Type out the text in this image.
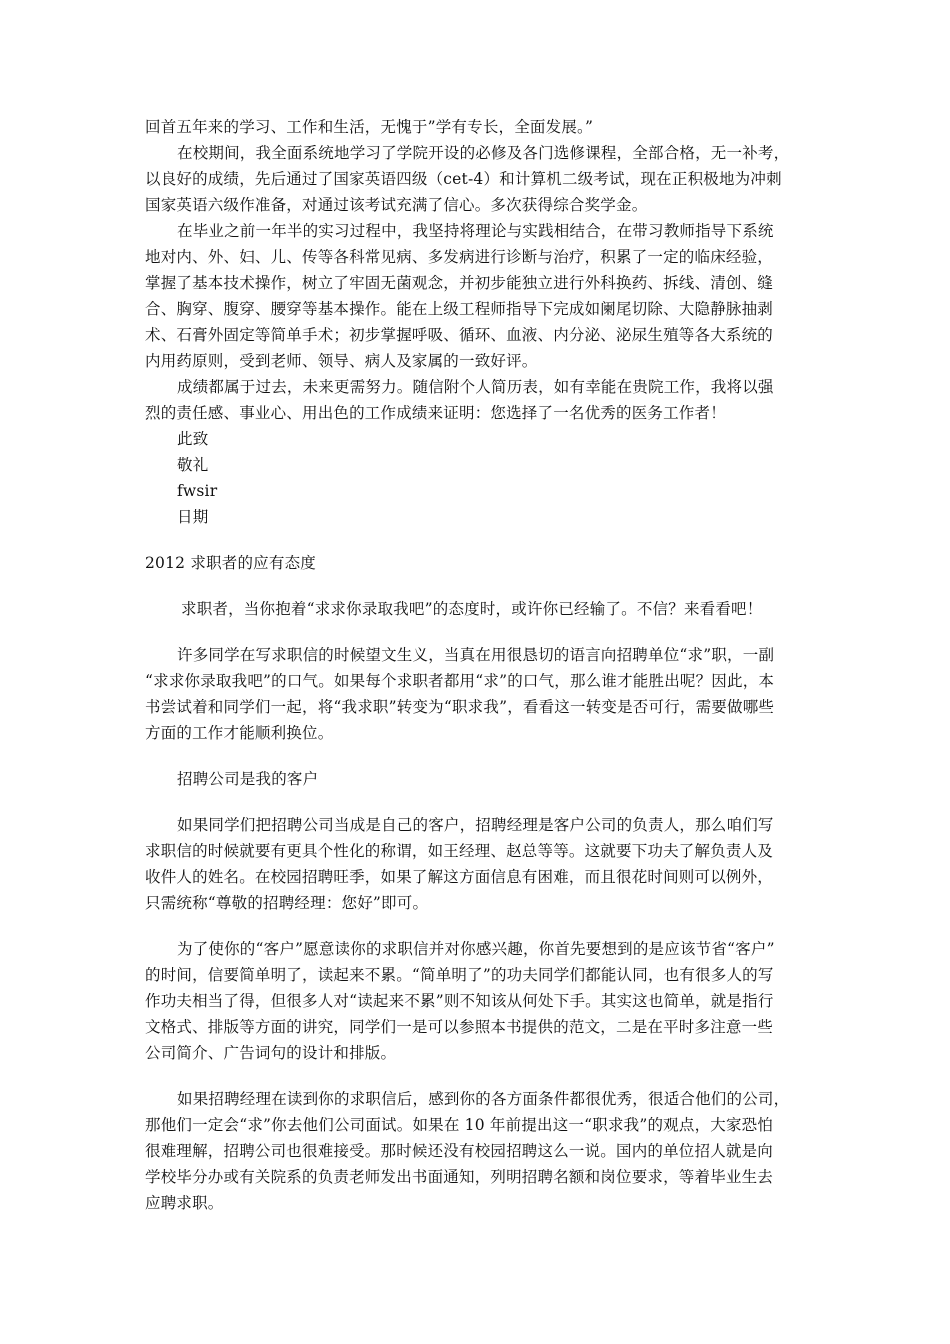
回首五年来的学习、工作和生活，无愧于”学有专长，全面发展。”
在校期间，我全面系统地学习了学院开设的必修及各门选修课程，全部合格，无一补考，
以良好的成绩，先后通过了国家英语四级（cet-4）和计算机二级考试，现在正积极地为冲刺
国家英语六级作准备，对通过该考试充满了信心。多次获得综合奖学金。
在毕业之前一年半的实习过程中，我坚持将理论与实践相结合，在带习教师指导下系统
地对内、外、妇、儿、传等各科常见病、多发病进行诊断与治疗，积累了一定的临床经验，
掌握了基本技术操作，树立了牢固无菌观念，并初步能独立进行外科换药、拆线、清创、缝
合、胸穿、腹穿、腰穿等基本操作。能在上级工程师指导下完成如阑尾切除、大隐静脉抽剥
术、石膏外固定等简单手术；初步掌握呼吸、循环、血液、内分泌、泌尿生殖等各大系统的
内用药原则，受到老师、领导、病人及家属的一致好评。
成绩都属于过去，未来更需努力。随信附个人简历表，如有幸能在贵院工作，我将以强
烈的责任感、事业心、用出色的工作成绩来证明：您选择了一名优秀的医务工作者！
此致
敬礼
fwsir
日期
2012 求职者的应有态度
求职者，当你抱着“求求你录取我吧”的态度时，或许你已经输了。不信？来看看吧！
许多同学在写求职信的时候望文生义，当真在用很恳切的语言向招聘单位“求”职，一副
“求求你录取我吧”的口气。如果每个求职者都用“求”的口气，那么谁才能胜出呢？因此，本
书尝试着和同学们一起，将“我求职”转变为“职求我”，看看这一转变是否可行，需要做哪些
方面的工作才能顺利换位。
招聘公司是我的客户
如果同学们把招聘公司当成是自己的客户，招聘经理是客户公司的负责人，那么咱们写
求职信的时候就要有更具个性化的称谓，如王经理、赵总等等。这就要下功夫了解负责人及
收件人的姓名。在校园招聘旺季，如果了解这方面信息有困难，而且很花时间则可以例外，
只需统称“尊敬的招聘经理：您好”即可。
为了使你的“客户”愿意读你的求职信并对你感兴趣，你首先要想到的是应该节省“客户”
的时间，信要简单明了，读起来不累。“简单明了”的功夫同学们都能认同，也有很多人的写
作功夫相当了得，但很多人对“读起来不累”则不知该从何处下手。其实这也简单，就是指行
文格式、排版等方面的讲究，同学们一是可以参照本书提供的范文，二是在平时多注意一些
公司简介、广告词句的设计和排版。
如果招聘经理在读到你的求职信后，感到你的各方面条件都很优秀，很适合他们的公司，
那他们一定会“求”你去他们公司面试。如果在 10 年前提出这一“职求我”的观点，大家恐怕
很难理解，招聘公司也很难接受。那时候还没有校园招聘这么一说。国内的单位招人就是向
学校毕分办或有关院系的负责老师发出书面通知，列明招聘名额和岗位要求，等着毕业生去
应聘求职。
